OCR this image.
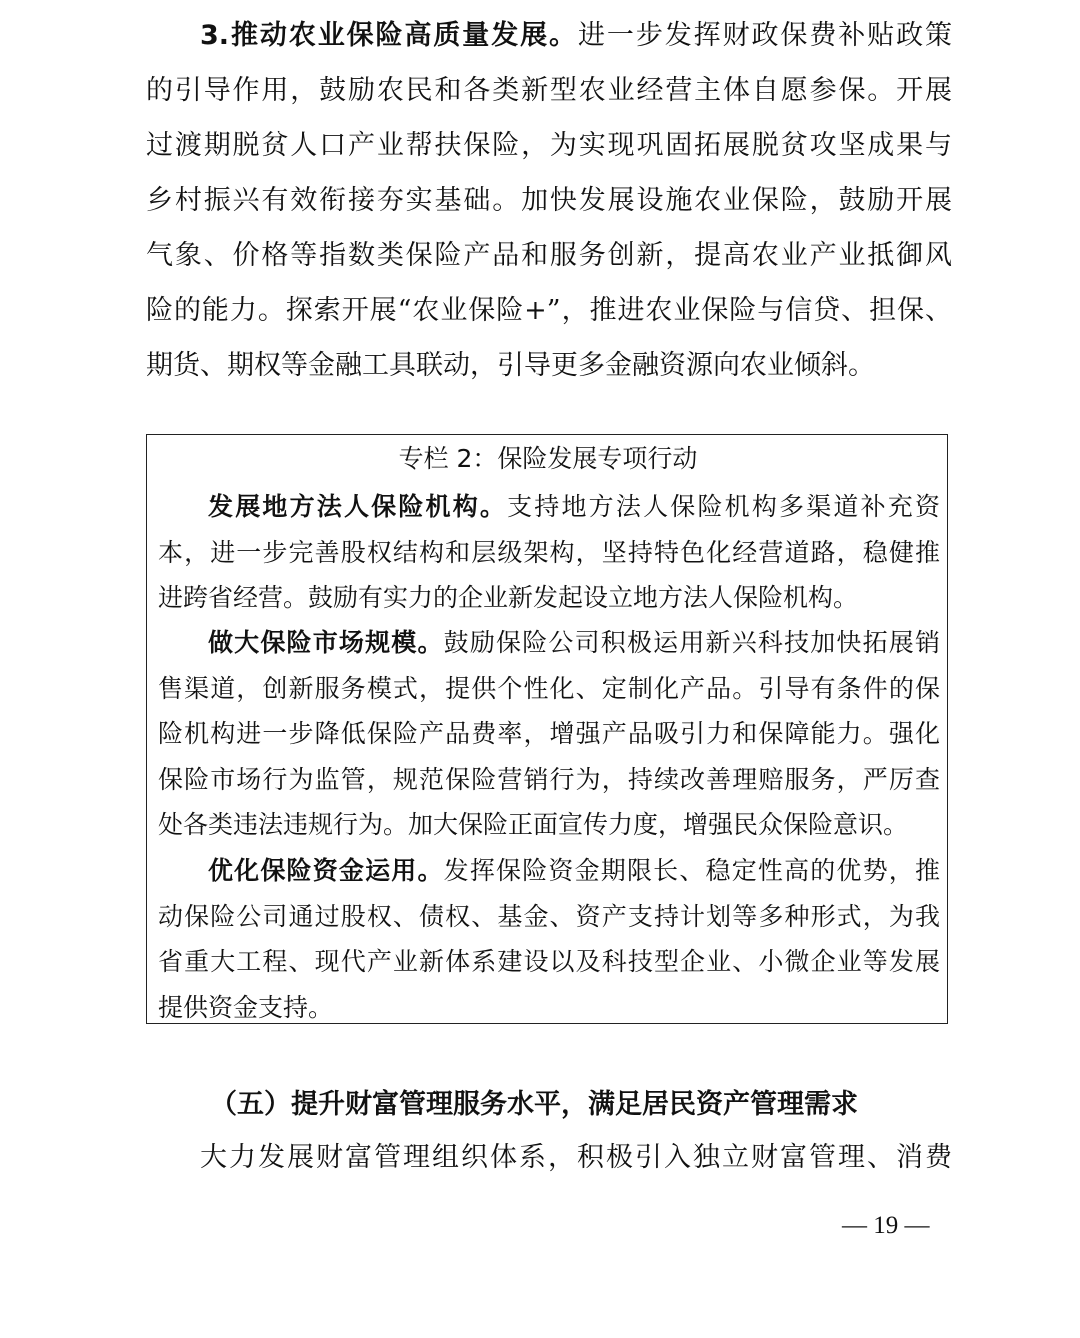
3.推动农业保险高质量发展。进一步发挥财政保费补贴政策
的引导作用，鼓励农民和各类新型农业经营主体自愿参保。开展
过渡期脱贫人口产业帮扶保险，为实现巩固拓展脱贫攻坚成果与
乡村振兴有效衔接夯实基础。加快发展设施农业保险，鼓励开展
气象、价格等指数类保险产品和服务创新，提高农业产业抵御风
险的能力。探索开展“农业保险+”，推进农业保险与信贷、担保、
期货、期权等金融工具联动，引导更多金融资源向农业倾斜。
专栏 2：保险发展专项行动
发展地方法人保险机构。支持地方法人保险机构多渠道补充资
本，进一步完善股权结构和层级架构，坚持特色化经营道路，稳健推
进跨省经营。鼓励有实力的企业新发起设立地方法人保险机构。
做大保险市场规模。鼓励保险公司积极运用新兴科技加快拓展销
售渠道，创新服务模式，提供个性化、定制化产品。引导有条件的保
险机构进一步降低保险产品费率，增强产品吸引力和保障能力。强化
保险市场行为监管，规范保险营销行为，持续改善理赔服务，严厉查
处各类违法违规行为。加大保险正面宣传力度，增强民众保险意识。
优化保险资金运用。发挥保险资金期限长、稳定性高的优势，推
动保险公司通过股权、债权、基金、资产支持计划等多种形式，为我
省重大工程、现代产业新体系建设以及科技型企业、小微企业等发展
提供资金支持。
（五）提升财富管理服务水平，满足居民资产管理需求
大力发展财富管理组织体系，积极引入独立财富管理、消费
— 19 —
